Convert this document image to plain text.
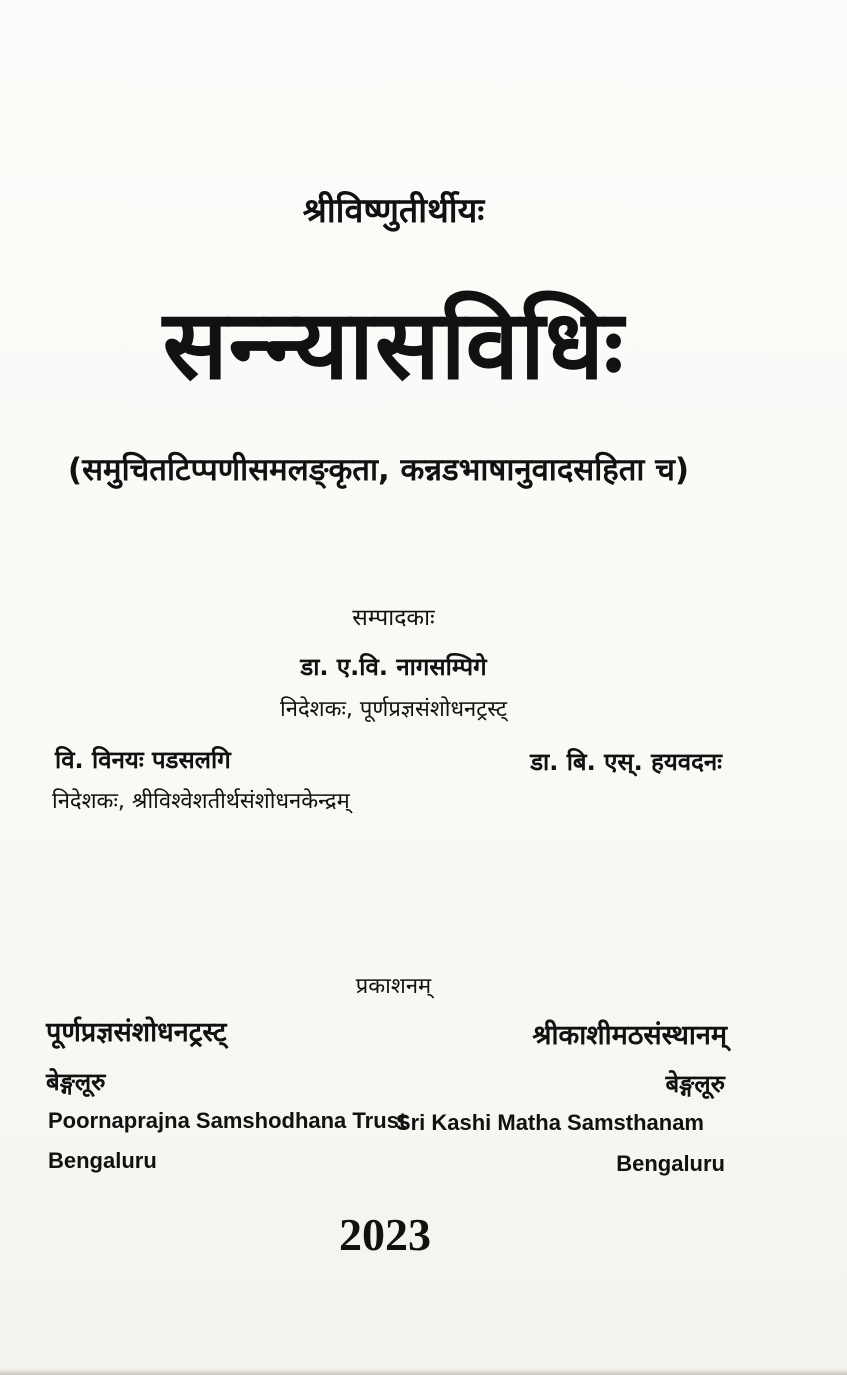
श्रीविष्णुतीर्थीयः
सन्न्यासविधिः
(समुचितटिप्पणीसमलङ्कृता, कन्नडभाषानुवादसहिता च)
सम्पादकाः
डा. ए.वि. नागसम्पिगे
निदेशकः, पूर्णप्रज्ञसंशोधनट्रस्ट्
वि. विनयः पडसलगि
निदेशकः, श्रीविश्वेशतीर्थसंशोधनकेन्द्रम्
डा. बि. एस्. हयवदनः
प्रकाशनम्
पूर्णप्रज्ञसंशोधनट्रस्ट्
बेङ्गलूरु
Poornaprajna Samshodhana Trust
Bengaluru
श्रीकाशीमठसंस्थानम्
बेङ्गलूरु
Sri Kashi Matha Samsthanam
Bengaluru
2023
